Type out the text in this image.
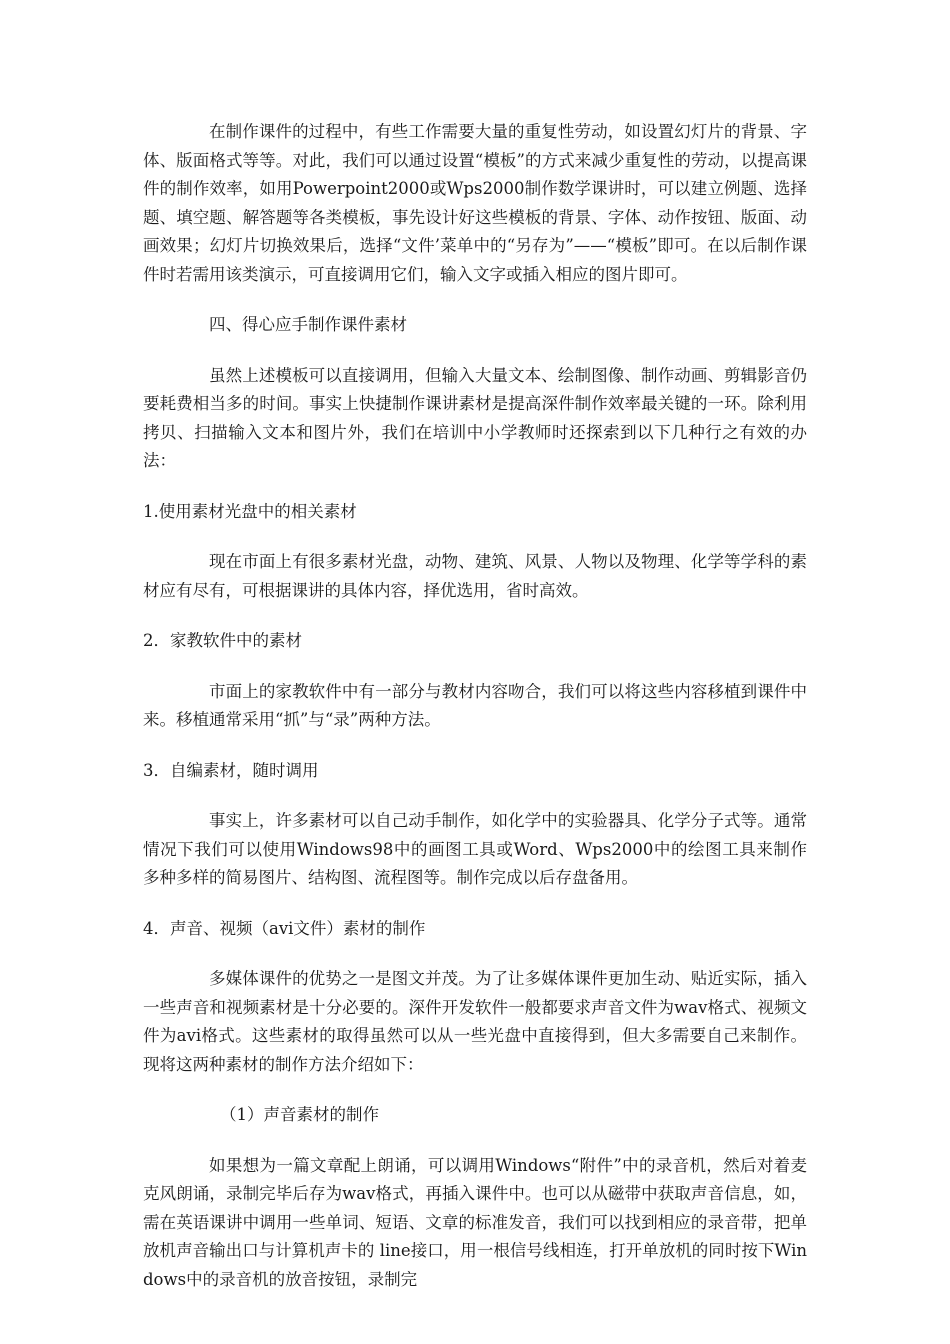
在制作课件的过程中，有些工作需要大量的重复性劳动，如设置幻灯片的背景、字体、版面格式等等。对此，我们可以通过设置“模板”的方式来减少重复性的劳动，以提高课件的制作效率，如用Powerpoint2000或Wps2000制作数学课讲时，可以建立例题、选择题、填空题、解答题等各类模板，事先设计好这些模板的背景、字体、动作按钮、版面、动画效果；幻灯片切换效果后，选择“文件’菜单中的“另存为”——“模板”即可。在以后制作课件时若需用该类演示，可直接调用它们，输入文字或插入相应的图片即可。

四、得心应手制作课件素材

虽然上述模板可以直接调用，但输入大量文本、绘制图像、制作动画、剪辑影音仍要耗费相当多的时间。事实上快捷制作课讲素材是提高深件制作效率最关键的一环。除利用拷贝、扫描输入文本和图片外，我们在培训中小学教师时还探索到以下几种行之有效的办法：

1.使用素材光盘中的相关素材

现在市面上有很多素材光盘，动物、建筑、风景、人物以及物理、化学等学科的素材应有尽有，可根据课讲的具体内容，择优选用，省时高效。

2．家教软件中的素材

市面上的家教软件中有一部分与教材内容吻合，我们可以将这些内容移植到课件中来。移植通常采用“抓”与“录”两种方法。

3．自编素材，随时调用

事实上，许多素材可以自己动手制作，如化学中的实验器具、化学分子式等。通常情况下我们可以使用Windows98中的画图工具或Word、Wps2000中的绘图工具来制作多种多样的简易图片、结构图、流程图等。制作完成以后存盘备用。

4．声音、视频（avi文件）素材的制作

多媒体课件的优势之一是图文并茂。为了让多媒体课件更加生动、贴近实际，插入一些声音和视频素材是十分必要的。深件开发软件一般都要求声音文件为wav格式、视频文件为avi格式。这些素材的取得虽然可以从一些光盘中直接得到，但大多需要自己来制作。现将这两种素材的制作方法介绍如下：

（1）声音素材的制作

如果想为一篇文章配上朗诵，可以调用Windows“附件”中的录音机，然后对着麦克风朗诵，录制完毕后存为wav格式，再插入课件中。也可以从磁带中获取声音信息，如，需在英语课讲中调用一些单词、短语、文章的标准发音，我们可以找到相应的录音带，把单放机声音输出口与计算机声卡的 line接口，用一根信号线相连，打开单放机的同时按下Windows中的录音机的放音按钮，录制完
